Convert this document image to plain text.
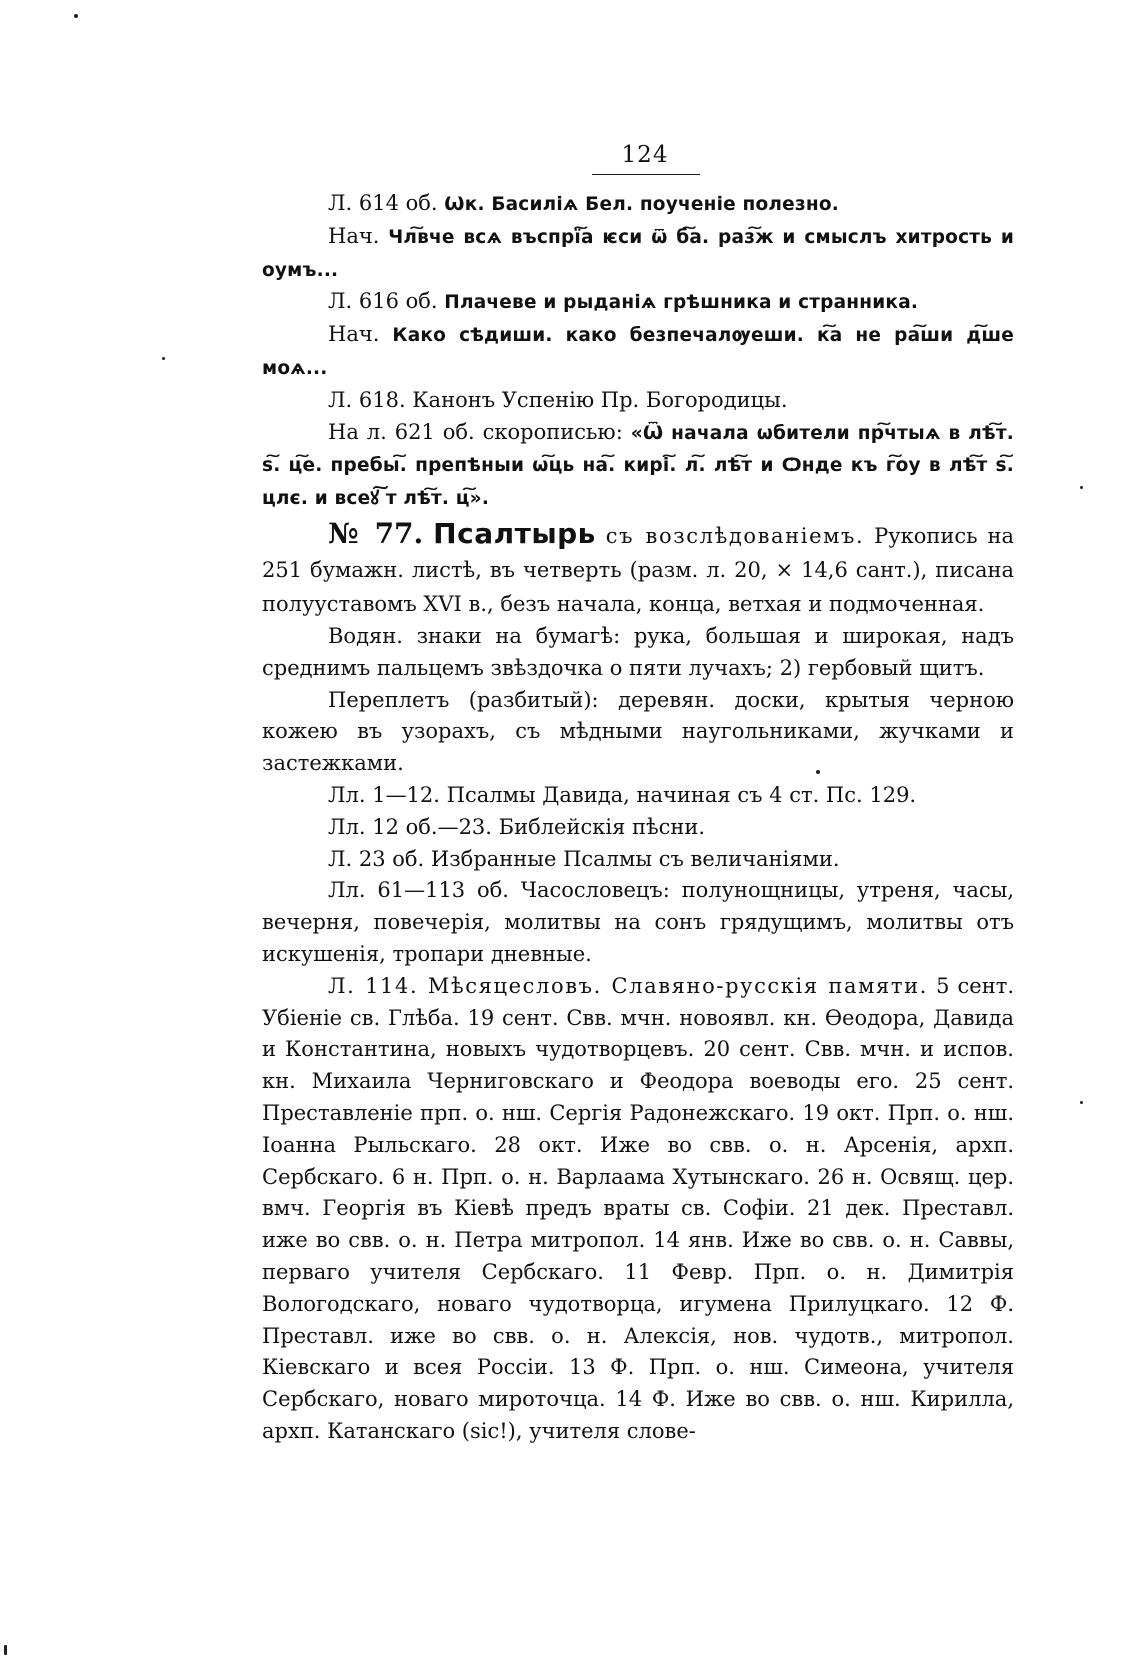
124

Л. 614 об. Ѡк. Басиліѧ Бел. поученіе полезно.

Нач. Чл͠вче всѧ въспрї͠а ѥси ѿ б͠а. раз͠ж и смыслъ хитрость и оумъ...

Л. 616 об. Плачеве и рыданіѧ грѣшника и странника.

Нач. Како сѣдиши. како безпечалѹеши. к͠а не ра͠ши д͠ше моѧ...

Л. 618. Канонъ Успенію Пр. Богородицы.

На л. 621 об. скорописью: «Ѿ начала ѡбители пр͠чтыѧ в лѣ͠т. ѕ͠. ц͠е. пребы͠. препѣныи ѡ͠ць на͠. кирі͠. л͠. лѣ͠т и Ѻнде къ г͠оу в лѣ͠т ѕ͠. цлє. и всеꙋ͠ т лѣ͠т. ц͠».

№ 77. Псалтырь съ возслѣдованіемъ. Рукопись на 251 бумажн. листѣ, въ четверть (разм. л. 20, × 14,6 сант.), писана полууставомъ XVI в., безъ начала, конца, ветхая и подмоченная.

Водян. знаки на бумагѣ: рука, большая и широкая, надъ среднимъ пальцемъ звѣздочка о пяти лучахъ; 2) гербовый щитъ.

Переплетъ (разбитый): деревян. доски, крытыя черною кожею въ узорахъ, съ мѣдными наугольниками, жучками и застежками.

Лл. 1—12. Псалмы Давида, начиная съ 4 ст. Пс. 129.

Лл. 12 об.—23. Библейскія пѣсни.

Л. 23 об. Избранные Псалмы съ величаніями.

Лл. 61—113 об. Часословецъ: полунощницы, утреня, часы, вечерня, повечерія, молитвы на сонъ грядущимъ, молитвы отъ искушенія, тропари дневные.

Л. 114. Мѣсяцесловъ. Славяно-русскія памяти. 5 сент. Убіеніе св. Глѣба. 19 сент. Свв. мчн. новоявл. кн. Ѳеодора, Давида и Константина, новыхъ чудотворцевъ. 20 сент. Свв. мчн. и испов. кн. Михаила Черниговскаго и Феодора воеводы его. 25 сент. Преставленіе прп. о. нш. Сергія Радонежскаго. 19 окт. Прп. о. нш. Іоанна Рыльскаго. 28 окт. Иже во свв. о. н. Арсенія, архп. Сербскаго. 6 н. Прп. о. н. Варлаама Хутынскаго. 26 н. Освящ. цер. вмч. Георгія въ Кіевѣ предъ враты св. Софіи. 21 дек. Преставл. иже во свв. о. н. Петра митропол. 14 янв. Иже во свв. о. н. Саввы, перваго учителя Сербскаго. 11 Февр. Прп. о. н. Димитрія Вологодскаго, новаго чудотворца, игумена Прилуцкаго. 12 Ф. Преставл. иже во свв. о. н. Алексія, нов. чудотв., митропол. Кіевскаго и всея Россіи. 13 Ф. Прп. о. нш. Симеона, учителя Сербскаго, новаго мироточца. 14 Ф. Иже во свв. о. нш. Кирилла, архп. Катанскаго (sic!), учителя слове-
